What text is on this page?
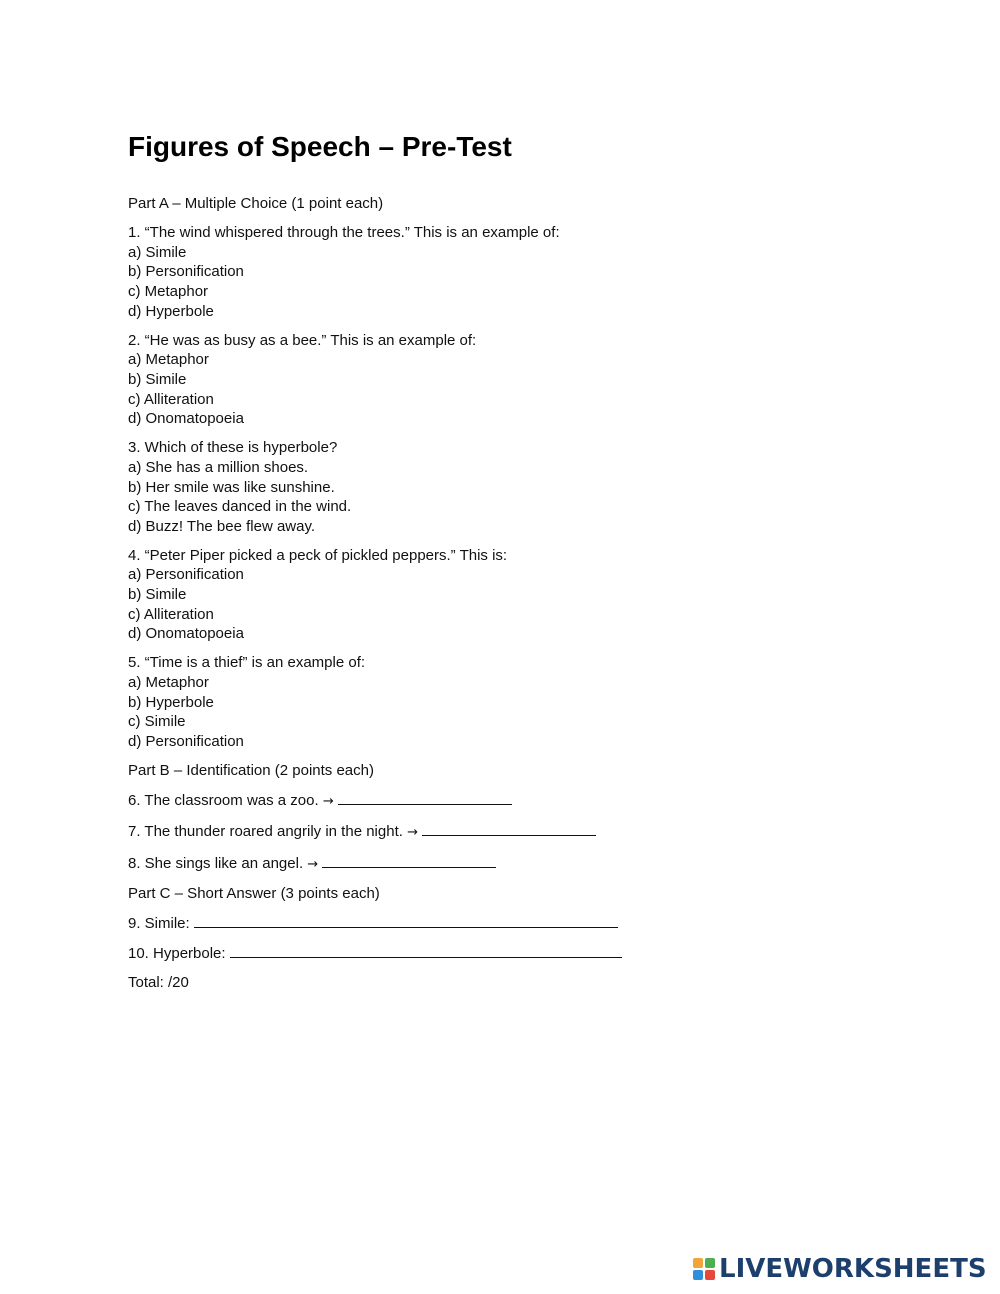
Figures of Speech – Pre-Test

Part A – Multiple Choice (1 point each)

1. “The wind whispered through the trees.” This is an example of:

a) Simile

b) Personification

c) Metaphor

d) Hyperbole

2. “He was as busy as a bee.” This is an example of:

a) Metaphor

b) Simile

c) Alliteration

d) Onomatopoeia

3. Which of these is hyperbole?

a) She has a million shoes.

b) Her smile was like sunshine.

c) The leaves danced in the wind.

d) Buzz! The bee flew away.

4. “Peter Piper picked a peck of pickled peppers.” This is:

a) Personification

b) Simile

c) Alliteration

d) Onomatopoeia

5. “Time is a thief” is an example of:

a) Metaphor

b) Hyperbole

c) Simile

d) Personification

Part B – Identification (2 points each)

6. The classroom was a zoo. →

7. The thunder roared angrily in the night. →

8. She sings like an angel. →

Part C – Short Answer (3 points each)

9. Simile:

10. Hyperbole:

Total: /20

LIVEWORKSHEETS
